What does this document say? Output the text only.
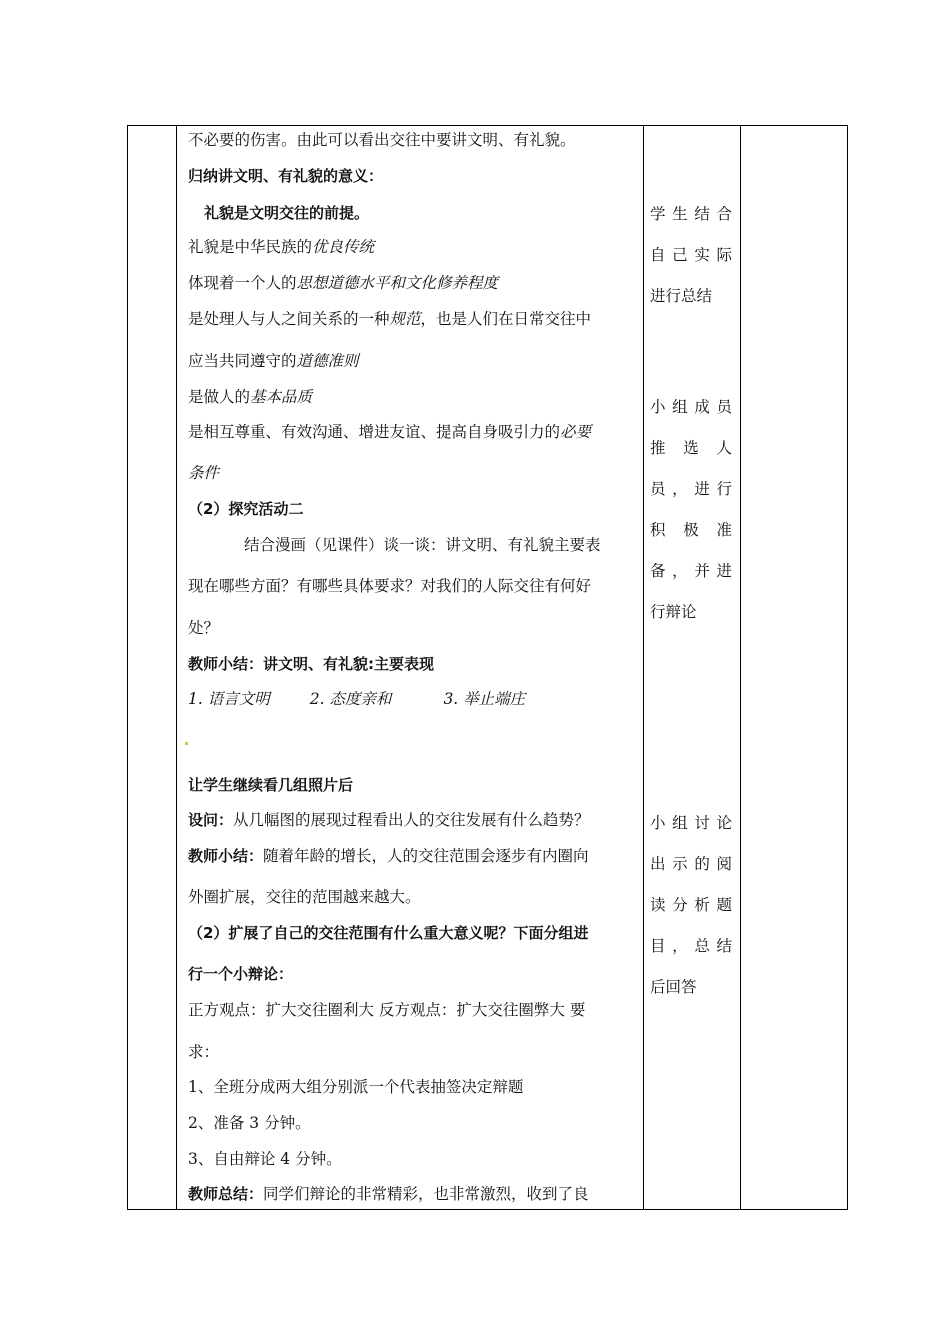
不必要的伤害。由此可以看出交往中要讲文明、有礼貌。
归纳讲文明、有礼貌的意义：
礼貌是文明交往的前提。
礼貌是中华民族的优良传统
体现着一个人的思想道德水平和文化修养程度
是处理人与人之间关系的一种规范，也是人们在日常交往中
应当共同遵守的道德准则
是做人的基本品质
是相互尊重、有效沟通、增进友谊、提高自身吸引力的必要
条件
（2）探究活动二
结合漫画（见课件）谈一谈：讲文明、有礼貌主要表
现在哪些方面？有哪些具体要求？对我们的人际交往有何好
处？
教师小结：讲文明、有礼貌:主要表现
1. 语言文明	2. 态度亲和	3. 举止端庄
让学生继续看几组照片后
设问：从几幅图的展现过程看出人的交往发展有什么趋势？
教师小结：随着年龄的增长，人的交往范围会逐步有内圈向
外圈扩展，交往的范围越来越大。
（2）扩展了自己的交往范围有什么重大意义呢？下面分组进
行一个小辩论：
正方观点：扩大交往圈利大 反方观点：扩大交往圈弊大 要
求：
1、全班分成两大组分别派一个代表抽签决定辩题
2、准备 3 分钟。
3、自由辩论 4 分钟。
教师总结：同学们辩论的非常精彩，也非常激烈，收到了良
学生结合
自己实际
进行总结
小组成员
推选人
员，进行
积极准
备，并进
行辩论
小组讨论
出示的阅
读分析题
目，总结
后回答
